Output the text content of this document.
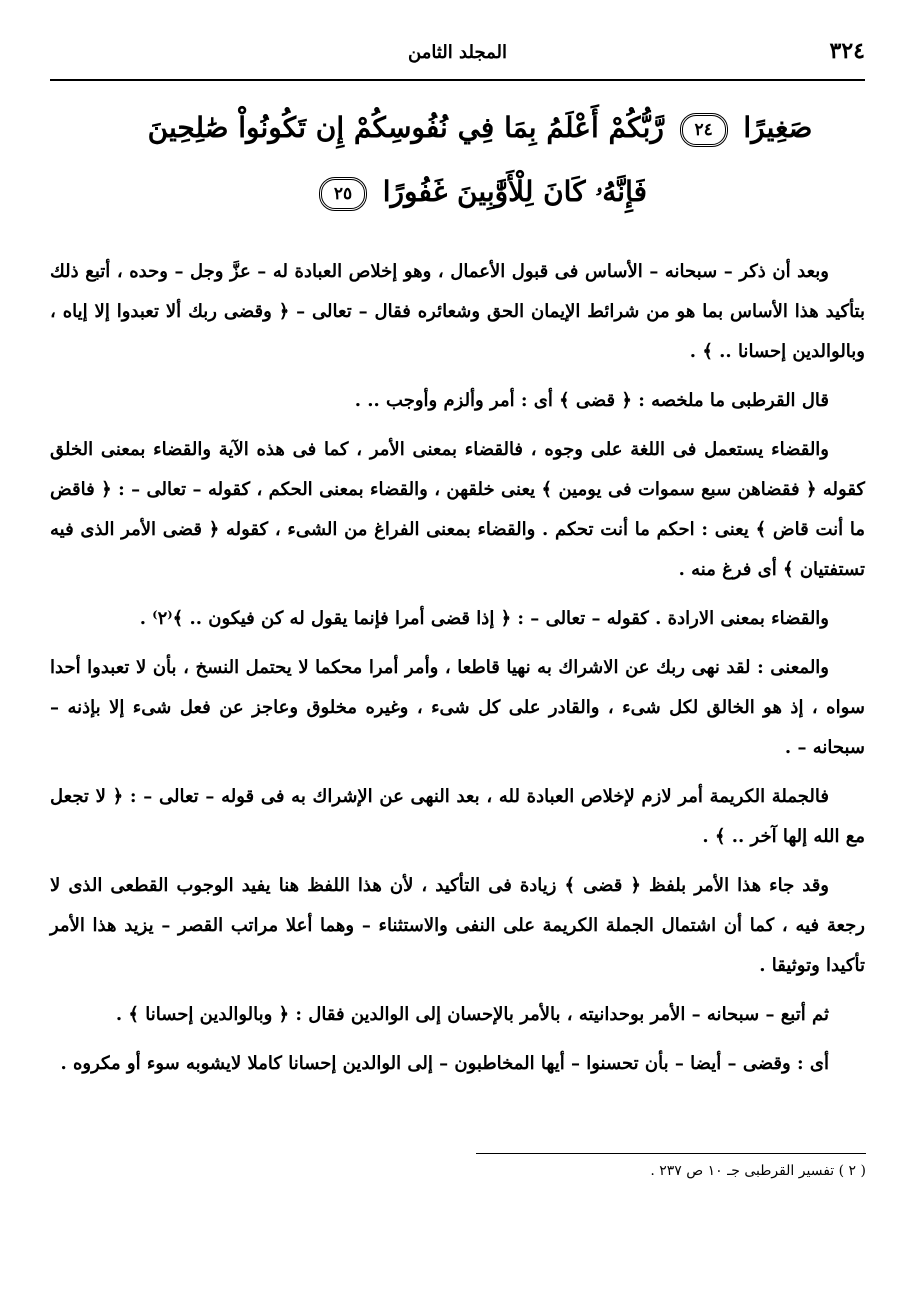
٣٢٤
المجلد الثامن
صَغِيرًا ٢٤ رَّبُّكُمْ أَعْلَمُ بِمَا فِي نُفُوسِكُمْ إِن تَكُونُواْ صَٰلِحِينَ
فَإِنَّهُۥ كَانَ لِلْأَوَّٰبِينَ غَفُورًا ٢٥

وبعد أن ذكر – سبحانه – الأساس فى قبول الأعمال ، وهو إخلاص العبادة له – عزَّ وجل – وحده ، أتبع ذلك بتأكيد هذا الأساس بما هو من شرائط الإيمان الحق وشعائره فقال – تعالى – ﴿ وقضى ربك ألا تعبدوا إلا إياه ، وبالوالدين إحسانا .. ﴾ .

قال القرطبى ما ملخصه : ﴿ قضى ﴾ أى : أمر وألزم وأوجب .. .

والقضاء يستعمل فى اللغة على وجوه ، فالقضاء بمعنى الأمر ، كما فى هذه الآية والقضاء بمعنى الخلق كقوله ﴿ فقضاهن سبع سموات فى يومين ﴾ يعنى خلقهن ، والقضاء بمعنى الحكم ، كقوله – تعالى – : ﴿ فاقض ما أنت قاض ﴾ يعنى : احكم ما أنت تحكم . والقضاء بمعنى الفراغ من الشىء ، كقوله ﴿ قضى الأمر الذى فيه تستفتيان ﴾ أى فرغ منه .

والقضاء بمعنى الارادة . كقوله – تعالى – : ﴿ إذا قضى أمرا فإنما يقول له كن فيكون .. ﴾⁽٢⁾ .

والمعنى : لقد نهى ربك عن الاشراك به نهيا قاطعا ، وأمر أمرا محكما لا يحتمل النسخ ، بأن لا تعبدوا أحدا سواه ، إذ هو الخالق لكل شىء ، والقادر على كل شىء ، وغيره مخلوق وعاجز عن فعل شىء إلا بإذنه – سبحانه – .

فالجملة الكريمة أمر لازم لإخلاص العبادة لله ، بعد النهى عن الإشراك به فى قوله – تعالى – : ﴿ لا تجعل مع الله إلها آخر .. ﴾ .

وقد جاء هذا الأمر بلفظ ﴿ قضى ﴾ زيادة فى التأكيد ، لأن هذا اللفظ هنا يفيد الوجوب القطعى الذى لا رجعة فيه ، كما أن اشتمال الجملة الكريمة على النفى والاستثناء – وهما أعلا مراتب القصر – يزيد هذا الأمر تأكيدا وتوثيقا .

ثم أتبع – سبحانه – الأمر بوحدانيته ، بالأمر بالإحسان إلى الوالدين فقال : ﴿ وبالوالدين إحسانا ﴾ .

أى : وقضى – أيضا – بأن تحسنوا – أيها المخاطبون – إلى الوالدين إحسانا كاملا لايشوبه سوء أو مكروه .

( ٢ ) تفسير القرطبى جـ ١٠ ص ٢٣٧ .
